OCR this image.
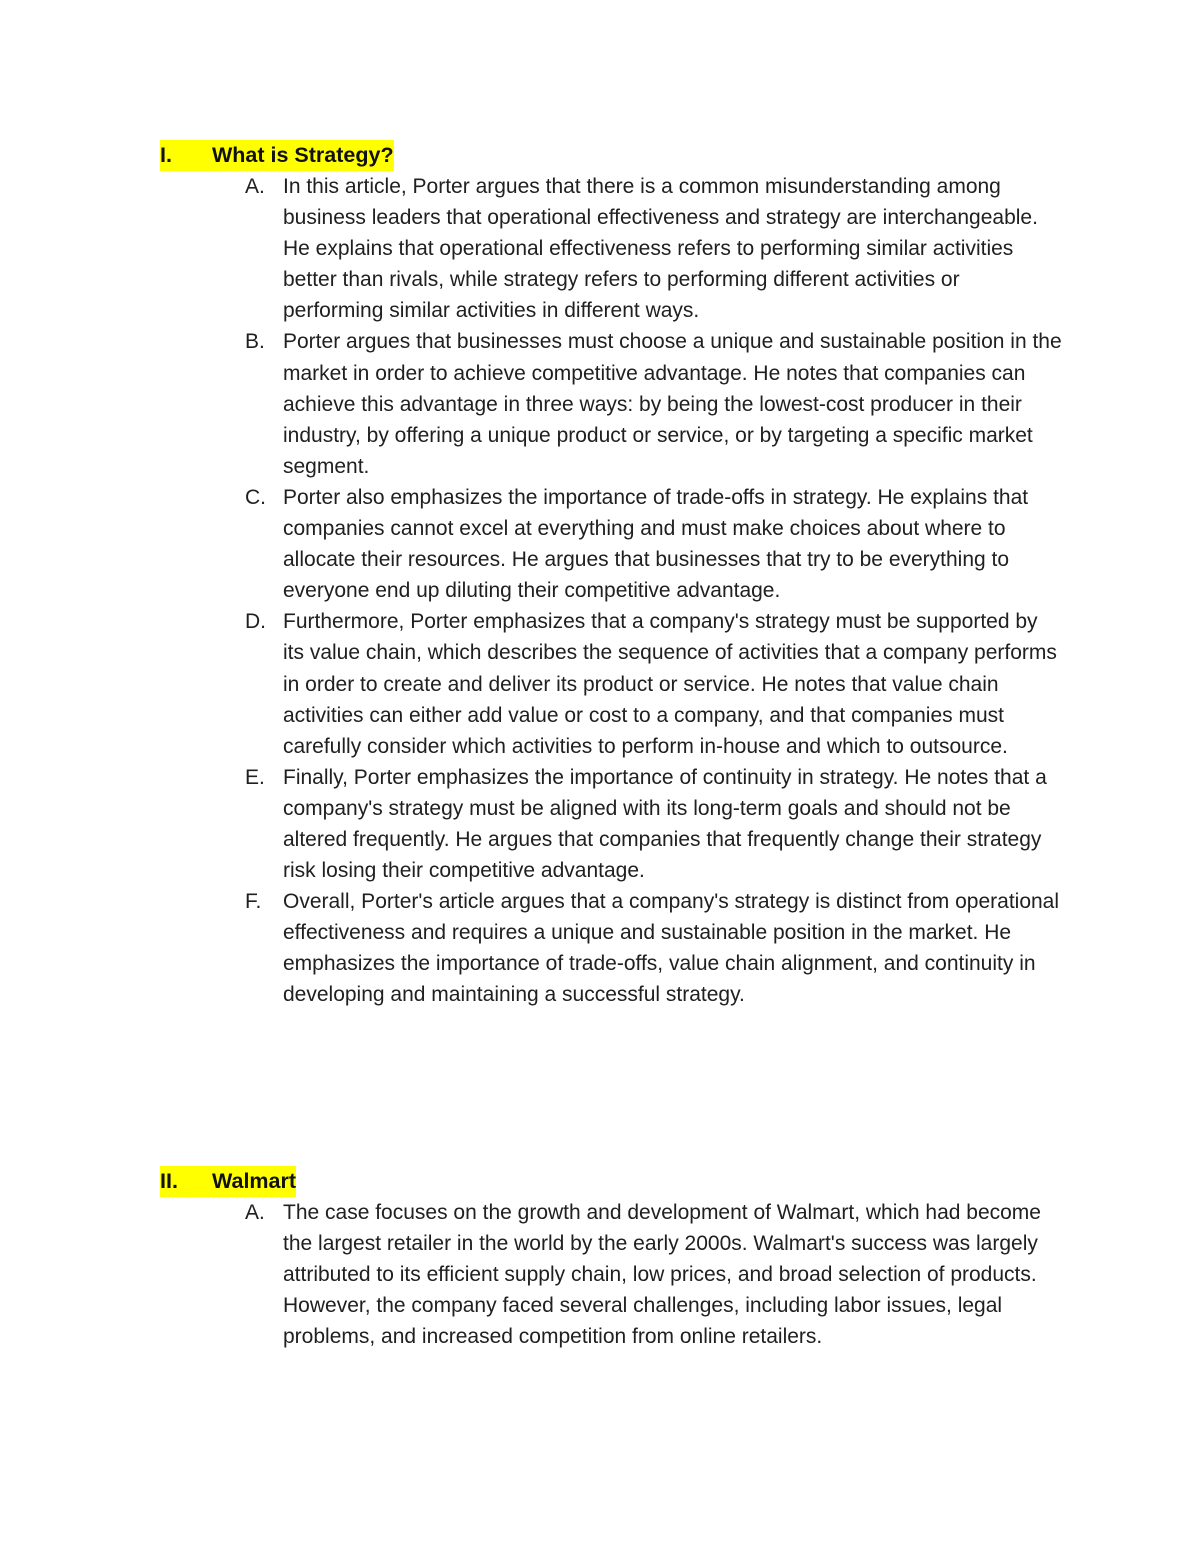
I.	What is Strategy?
A. In this article, Porter argues that there is a common misunderstanding among business leaders that operational effectiveness and strategy are interchangeable. He explains that operational effectiveness refers to performing similar activities better than rivals, while strategy refers to performing different activities or performing similar activities in different ways.
B. Porter argues that businesses must choose a unique and sustainable position in the market in order to achieve competitive advantage. He notes that companies can achieve this advantage in three ways: by being the lowest-cost producer in their industry, by offering a unique product or service, or by targeting a specific market segment.
C. Porter also emphasizes the importance of trade-offs in strategy. He explains that companies cannot excel at everything and must make choices about where to allocate their resources. He argues that businesses that try to be everything to everyone end up diluting their competitive advantage.
D. Furthermore, Porter emphasizes that a company's strategy must be supported by its value chain, which describes the sequence of activities that a company performs in order to create and deliver its product or service. He notes that value chain activities can either add value or cost to a company, and that companies must carefully consider which activities to perform in-house and which to outsource.
E. Finally, Porter emphasizes the importance of continuity in strategy. He notes that a company's strategy must be aligned with its long-term goals and should not be altered frequently. He argues that companies that frequently change their strategy risk losing their competitive advantage.
F. Overall, Porter's article argues that a company's strategy is distinct from operational effectiveness and requires a unique and sustainable position in the market. He emphasizes the importance of trade-offs, value chain alignment, and continuity in developing and maintaining a successful strategy.
II.	Walmart
A. The case focuses on the growth and development of Walmart, which had become the largest retailer in the world by the early 2000s. Walmart's success was largely attributed to its efficient supply chain, low prices, and broad selection of products. However, the company faced several challenges, including labor issues, legal problems, and increased competition from online retailers.
